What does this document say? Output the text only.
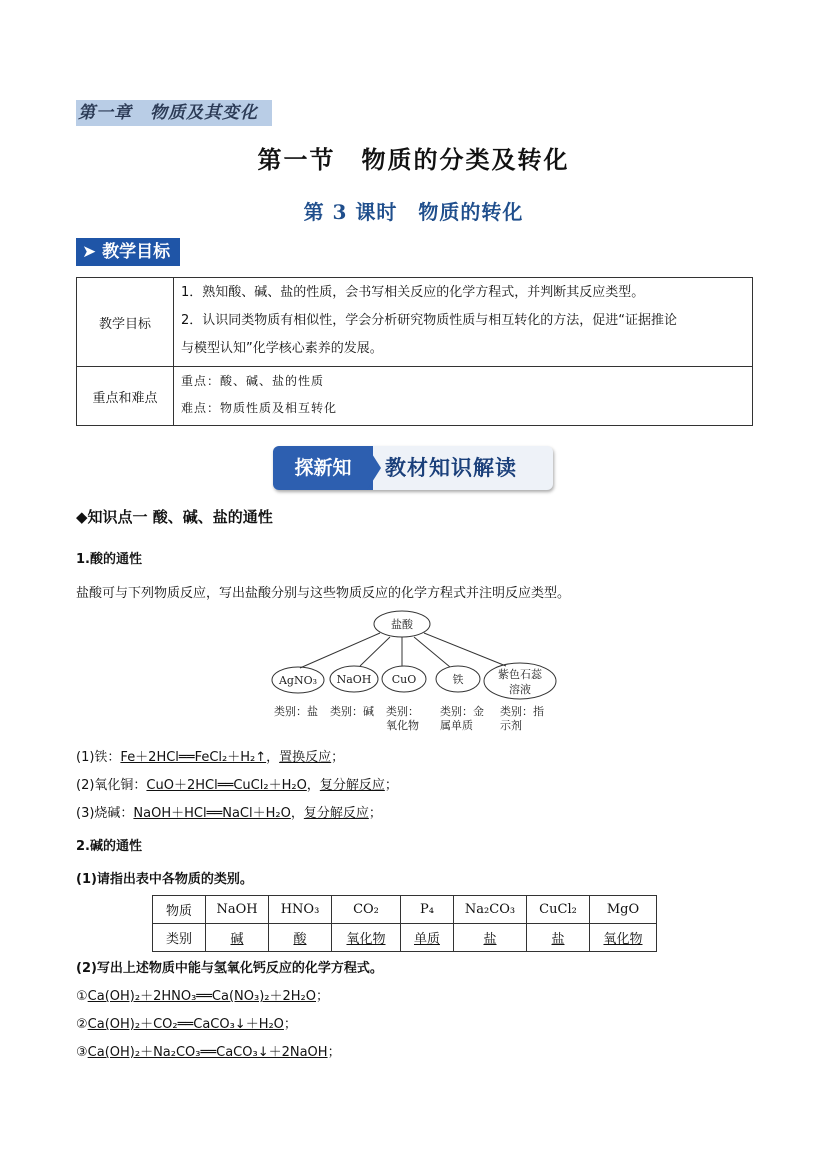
第一章　物质及其变化
第一节　物质的分类及转化
第 3 课时　物质的转化
➤ 教学目标
教学目标	1．熟知酸、碱、盐的性质，会书写相关反应的化学方程式，并判断其反应类型。
2．认识同类物质有相似性，学会分析研究物质性质与相互转化的方法，促进“证据推论
与模型认知”化学核心素养的发展。

重点和难点	重点：酸、碱、盐的性质
难点：物质性质及相互转化
探新知	教材知识解读
◆知识点一 酸、碱、盐的通性
1.酸的通性
盐酸可与下列物质反应，写出盐酸分别与这些物质反应的化学方程式并注明反应类型。
盐酸
AgNO₃ NaOH CuO	铁	紫色石蕊
溶液
类别：盐 类别：碱 类别：
氧化物
类别：金
属单质
类别：指
示剂
(1)铁：Fe＋2HCl══FeCl₂＋H₂↑，置换反应；
(2)氧化铜：CuO＋2HCl══CuCl₂＋H₂O，复分解反应；
(3)烧碱：NaOH＋HCl══NaCl＋H₂O，复分解反应；
2.碱的通性
(1)请指出表中各物质的类别。
物质	NaOH	HNO₃	CO₂	P₄	Na₂CO₃	CuCl₂	MgO
类别	碱	酸	氧化物	单质	盐	盐	氧化物
(2)写出上述物质中能与氢氧化钙反应的化学方程式。
①Ca(OH)₂＋2HNO₃══Ca(NO₃)₂＋2H₂O；
②Ca(OH)₂＋CO₂══CaCO₃↓＋H₂O；
③Ca(OH)₂＋Na₂CO₃══CaCO₃↓＋2NaOH；
